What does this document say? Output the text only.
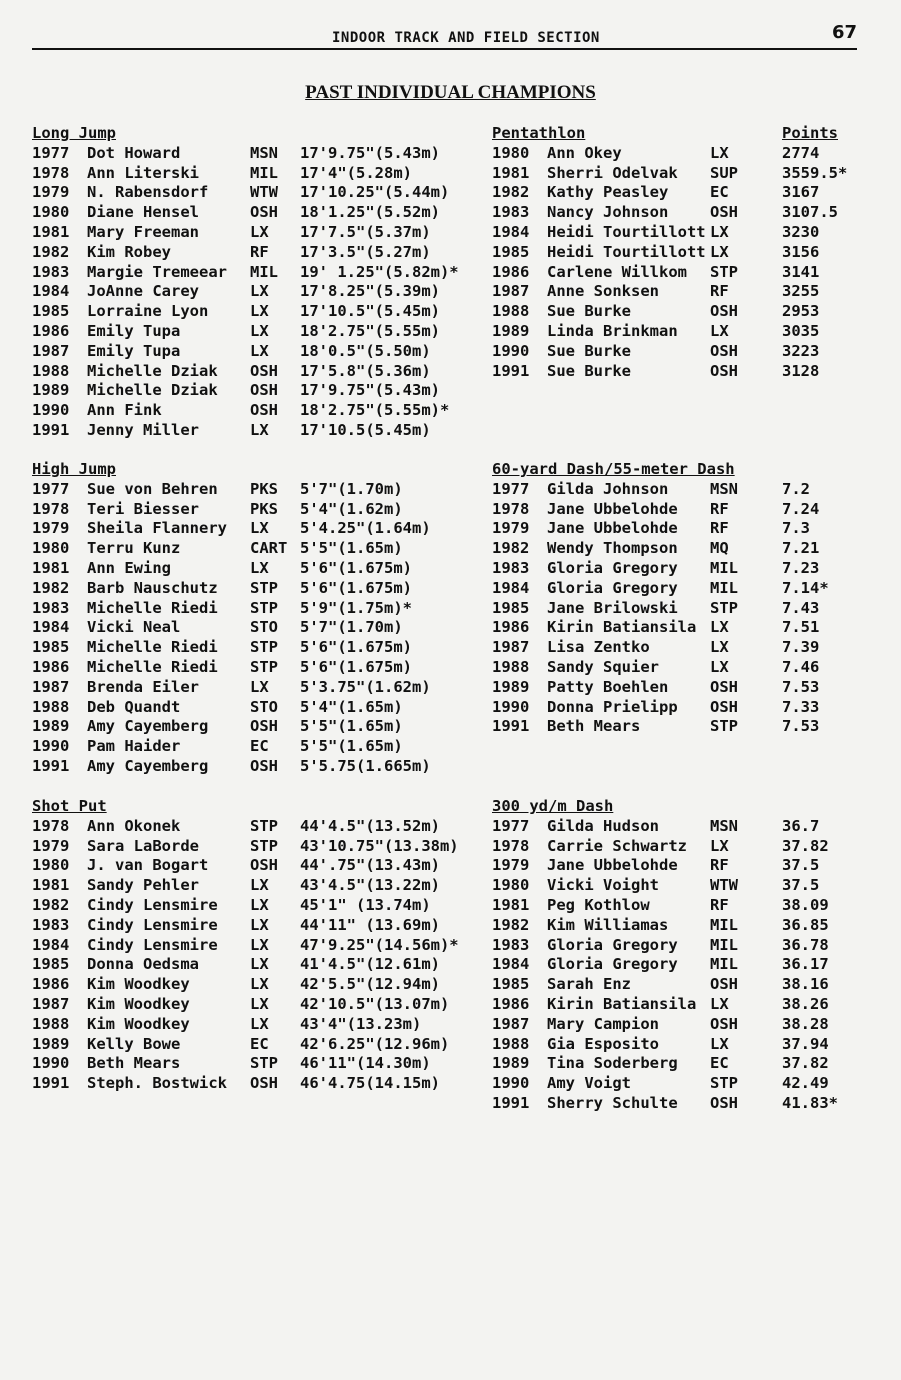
INDOOR TRACK AND FIELD SECTION	67
PAST INDIVIDUAL CHAMPIONS
Long Jump
1977 Dot Howard	MSN 17'9.75"(5.43m)
1978 Ann Literski	MIL 17'4"(5.28m)
1979 N. Rabensdorf	WTW 17'10.25"(5.44m)
1980 Diane Hensel	OSH 18'1.25"(5.52m)
1981 Mary Freeman	LX 17'7.5"(5.37m)
1982 Kim Robey	RF 17'3.5"(5.27m)
1983 Margie Tremeear MIL 19' 1.25"(5.82m)*
1984 JoAnne Carey	LX 17'8.25"(5.39m)
1985 Lorraine Lyon	LX 17'10.5"(5.45m)
1986 Emily Tupa	LX 18'2.75"(5.55m)
1987 Emily Tupa	LX 18'0.5"(5.50m)
1988 Michelle Dziak OSH 17'5.8"(5.36m)
1989 Michelle Dziak OSH 17'9.75"(5.43m)
1990 Ann Fink	OSH 18'2.75"(5.55m)*
1991 Jenny Miller	LX 17'10.5(5.45m)
High Jump
1977 Sue von Behren PKS 5'7"(1.70m)
1978 Teri Biesser	PKS 5'4"(1.62m)
1979 Sheila Flannery LX 5'4.25"(1.64m)
1980 Terru Kunz	CART 5'5"(1.65m)
1981 Ann Ewing	LX 5'6"(1.675m)
1982 Barb Nauschutz STP 5'6"(1.675m)
1983 Michelle Riedi STP 5'9"(1.75m)*
1984 Vicki Neal	STO 5'7"(1.70m)
1985 Michelle Riedi STP 5'6"(1.675m)
1986 Michelle Riedi STP 5'6"(1.675m)
1987 Brenda Eiler	LX 5'3.75"(1.62m)
1988 Deb Quandt	STO 5'4"(1.65m)
1989 Amy Cayemberg	OSH 5'5"(1.65m)
1990 Pam Haider	EC 5'5"(1.65m)
1991 Amy Cayemberg	OSH 5'5.75(1.665m)
Shot Put
1978 Ann Okonek	STP 44'4.5"(13.52m)
1979 Sara LaBorde	STP 43'10.75"(13.38m)
1980 J. van Bogart	OSH 44'.75"(13.43m)
1981 Sandy Pehler	LX 43'4.5"(13.22m)
1982 Cindy Lensmire LX 45'1" (13.74m)
1983 Cindy Lensmire LX 44'11" (13.69m)
1984 Cindy Lensmire LX 47'9.25"(14.56m)*
1985 Donna Oedsma	LX 41'4.5"(12.61m)
1986 Kim Woodkey	LX 42'5.5"(12.94m)
1987 Kim Woodkey	LX 42'10.5"(13.07m)
1988 Kim Woodkey	LX 43'4"(13.23m)
1989 Kelly Bowe	EC 42'6.25"(12.96m)
1990 Beth Mears	STP 46'11"(14.30m)
1991 Steph. Bostwick OSH 46'4.75(14.15m)
Pentathlon	Points
1980 Ann Okey	LX	2774
1981 Sherri Odelvak SUP	3559.5*
1982 Kathy Peasley	EC	3167
1983 Nancy Johnson	OSH	3107.5
1984 Heidi Tourtillott LX	3230
1985 Heidi Tourtillott LX	3156
1986 Carlene Willkom STP	3141
1987 Anne Sonksen	RF	3255
1988 Sue Burke	OSH	2953
1989 Linda Brinkman LX	3035
1990 Sue Burke	OSH	3223
1991 Sue Burke	OSH	3128
60-yard Dash/55-meter Dash
1977 Gilda Johnson	MSN	7.2
1978 Jane Ubbelohde RF	7.24
1979 Jane Ubbelohde RF	7.3
1982 Wendy Thompson MQ	7.21
1983 Gloria Gregory MIL	7.23
1984 Gloria Gregory MIL	7.14*
1985 Jane Brilowski STP	7.43
1986 Kirin Batiansila LX	7.51
1987 Lisa Zentko	LX	7.39
1988 Sandy Squier	LX	7.46
1989 Patty Boehlen	OSH	7.53
1990 Donna Prielipp OSH	7.33
1991 Beth Mears	STP	7.53
300 yd/m Dash
1977 Gilda Hudson	MSN	36.7
1978 Carrie Schwartz LX	37.82
1979 Jane Ubbelohde RF	37.5
1980 Vicki Voight	WTW	37.5
1981 Peg Kothlow	RF	38.09
1982 Kim Williamas	MIL	36.85
1983 Gloria Gregory MIL	36.78
1984 Gloria Gregory MIL	36.17
1985 Sarah Enz	OSH	38.16
1986 Kirin Batiansila LX	38.26
1987 Mary Campion	OSH	38.28
1988 Gia Esposito	LX	37.94
1989 Tina Soderberg EC	37.82
1990 Amy Voigt	STP	42.49
1991 Sherry Schulte OSH	41.83*
